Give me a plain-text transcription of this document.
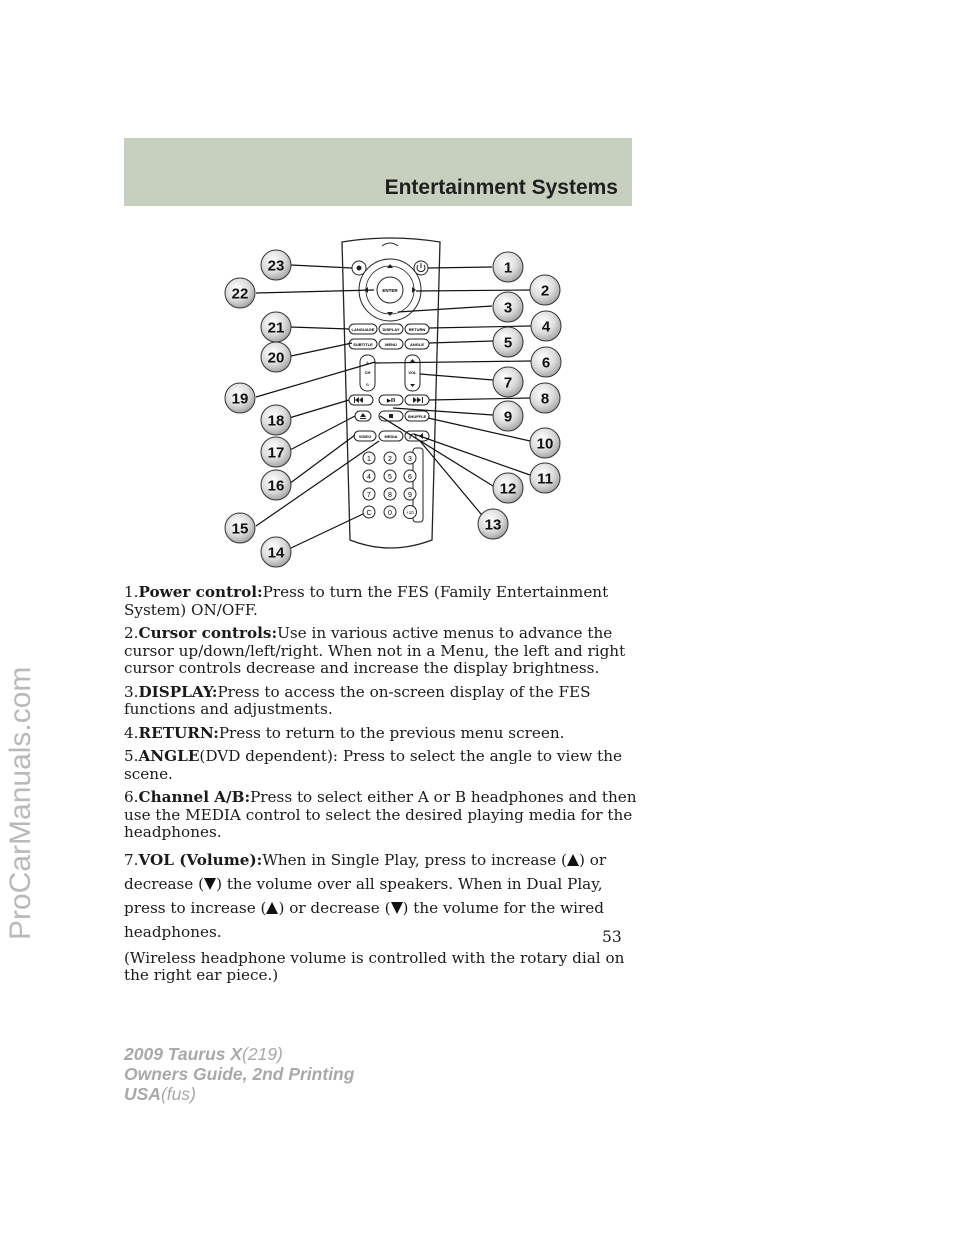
Entertainment Systems
ProCarManuals.com
ENTER
LANGUAGE DISPLAY RETURN
SUBTITLE	MENU	ANGLE
A
CH
B
VOL
▶/II
SHUFFLE
VIDEO	MEDIA
1 2 3
4 5 6
7 8 9
C 0	+10
23
22
21
20
19
18
17
16
15
14
1
2
3
4
5
6
7
8
9
10
11
12
13

1.Power control:Press to turn the FES (Family Entertainment System) ON/OFF.

2.Cursor controls:Use in various active menus to advance the cursor up/down/left/right. When not in a Menu, the left and right cursor controls decrease and increase the display brightness.

3.DISPLAY:Press to access the on-screen display of the FES functions and adjustments.

4.RETURN:Press to return to the previous menu screen.

5.ANGLE(DVD dependent): Press to select the angle to view the scene.

6.Channel A/B:Press to select either A or B headphones and then use the MEDIA control to select the desired playing media for the headphones.

7.VOL (Volume):When in Single Play, press to increase ( ) or decrease ( ) the volume over all speakers. When in Dual Play, press to increase ( ) or decrease ( ) the volume for the wired headphones.

(Wireless headphone volume is controlled with the rotary dial on the right ear piece.)

53
2009 Taurus X(219)
Owners Guide, 2nd Printing
USA(fus)
